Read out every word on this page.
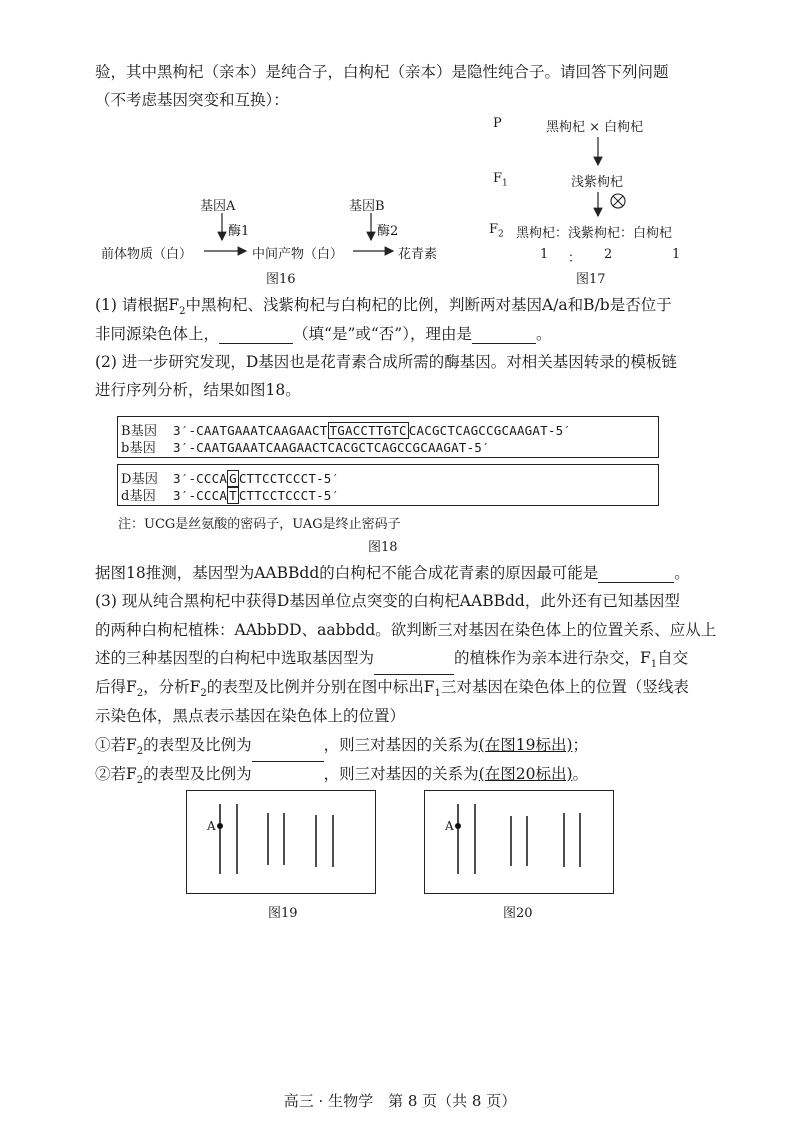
验，其中黑枸杞（亲本）是纯合子，白枸杞（亲本）是隐性纯合子。请回答下列问题
（不考虑基因突变和互换）：
基因A
酶1
基因B
酶2
前体物质（白）	中间产物（白）	花青素
图16
P	黑枸杞 × 白枸杞
$F_1$	浅紫枸杞
$F_2$ 黑枸杞：浅紫枸杞：白枸杞
1 ： 2	1
图17
(1) 请根据$F_2$中黑枸杞、浅紫枸杞与白枸杞的比例，判断两对基因A/a和B/b是否位于
非同源染色体上，	（填“是”或“否”），理由是	。
(2) 进一步研究发现，D基因也是花青素合成所需的酶基因。对相关基因转录的模板链
进行序列分析，结果如图18。
B基因 3′-CAATGAAATCAAGAACT TGACCTTGTC CACGCTCAGCCGCAAGAT-5′
b基因 3′-CAATGAAATCAAGAACTCACGCTCAGCCGCAAGAT-5′
D基因 3′-CCCA G CTTCCTCCCT-5′
d基因 3′-CCCA T CTTCCTCCCT-5′
注：UCG是丝氨酸的密码子，UAG是终止密码子
图18
据图18推测，基因型为AABBdd的白枸杞不能合成花青素的原因最可能是	。
(3) 现从纯合黑枸杞中获得D基因单位点突变的白枸杞AABBdd，此外还有已知基因型
的两种白枸杞植株：AAbbDD、aabbdd。欲判断三对基因在染色体上的位置关系、应从上
述的三种基因型的白枸杞中选取基因型为	的植株作为亲本进行杂交，$F_1$自交
后得$F_2$，分析$F_2$的表型及比例并分别在图中标出$F_1$三对基因在染色体上的位置（竖线表
示染色体，黑点表示基因在染色体上的位置）
①若$F_2$的表型及比例为	，则三对基因的关系为(在图19标出)；
②若$F_2$的表型及比例为	，则三对基因的关系为(在图20标出)。
A
图19
A
图20
高三 · 生物学　第 8 页（共 8 页）
